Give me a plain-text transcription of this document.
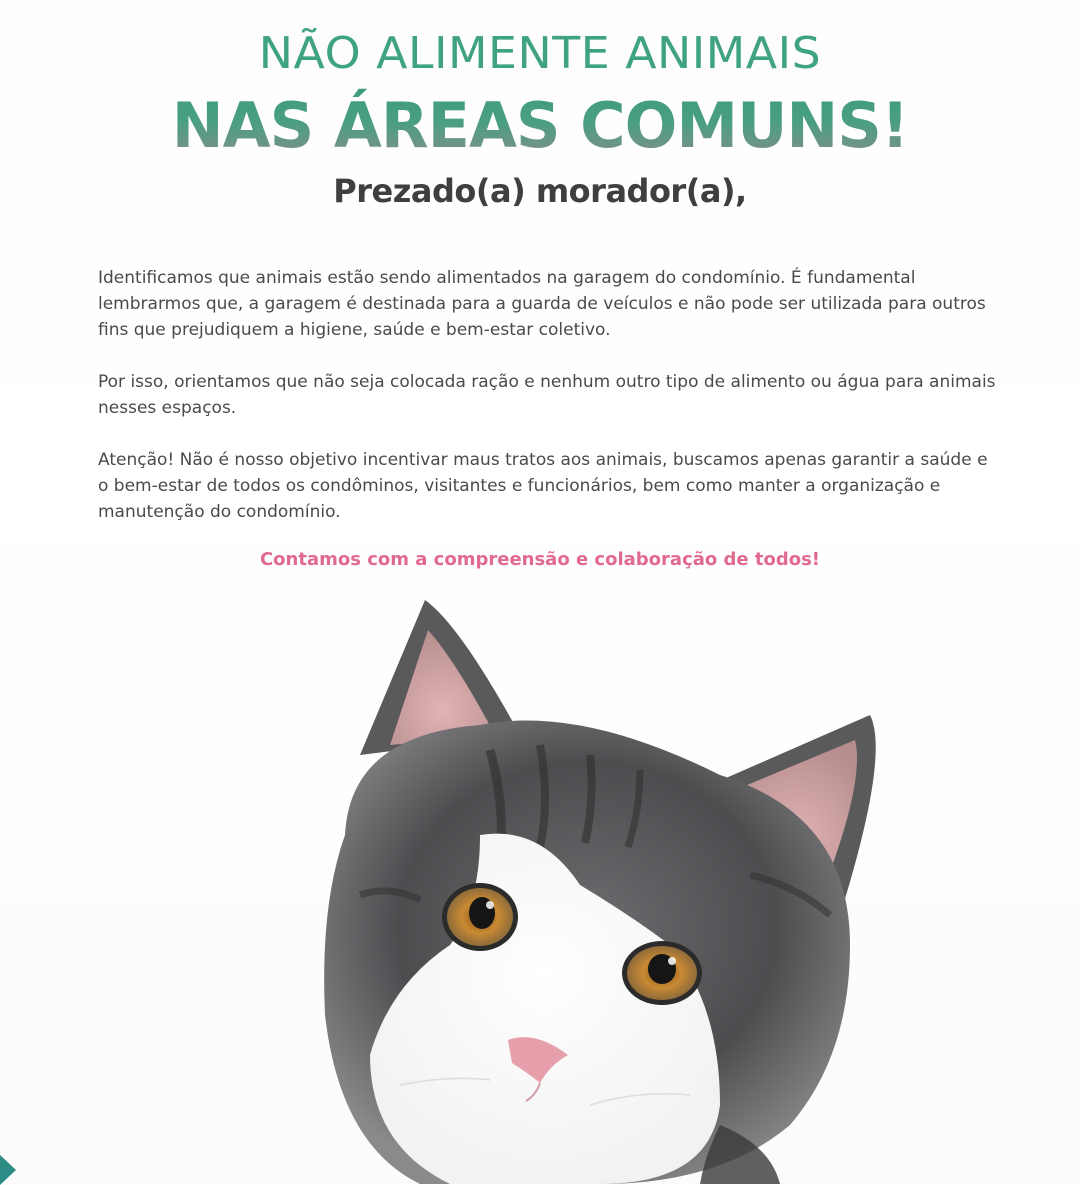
NÃO ALIMENTE ANIMAIS
NAS ÁREAS COMUNS!
Prezado(a) morador(a),
Identificamos que animais estão sendo alimentados na garagem do condomínio. É fundamental lembrarmos que, a garagem é destinada para a guarda de veículos e não pode ser utilizada para outros fins que prejudiquem a higiene, saúde e bem-estar coletivo.
Por isso, orientamos que não seja colocada ração e nenhum outro tipo de alimento ou água para animais nesses espaços.
Atenção! Não é nosso objetivo incentivar maus tratos aos animais, buscamos apenas garantir a saúde e o bem-estar de todos os condôminos, visitantes e funcionários, bem como manter a organização e manutenção do condomínio.
Contamos com a compreensão e colaboração de todos!
